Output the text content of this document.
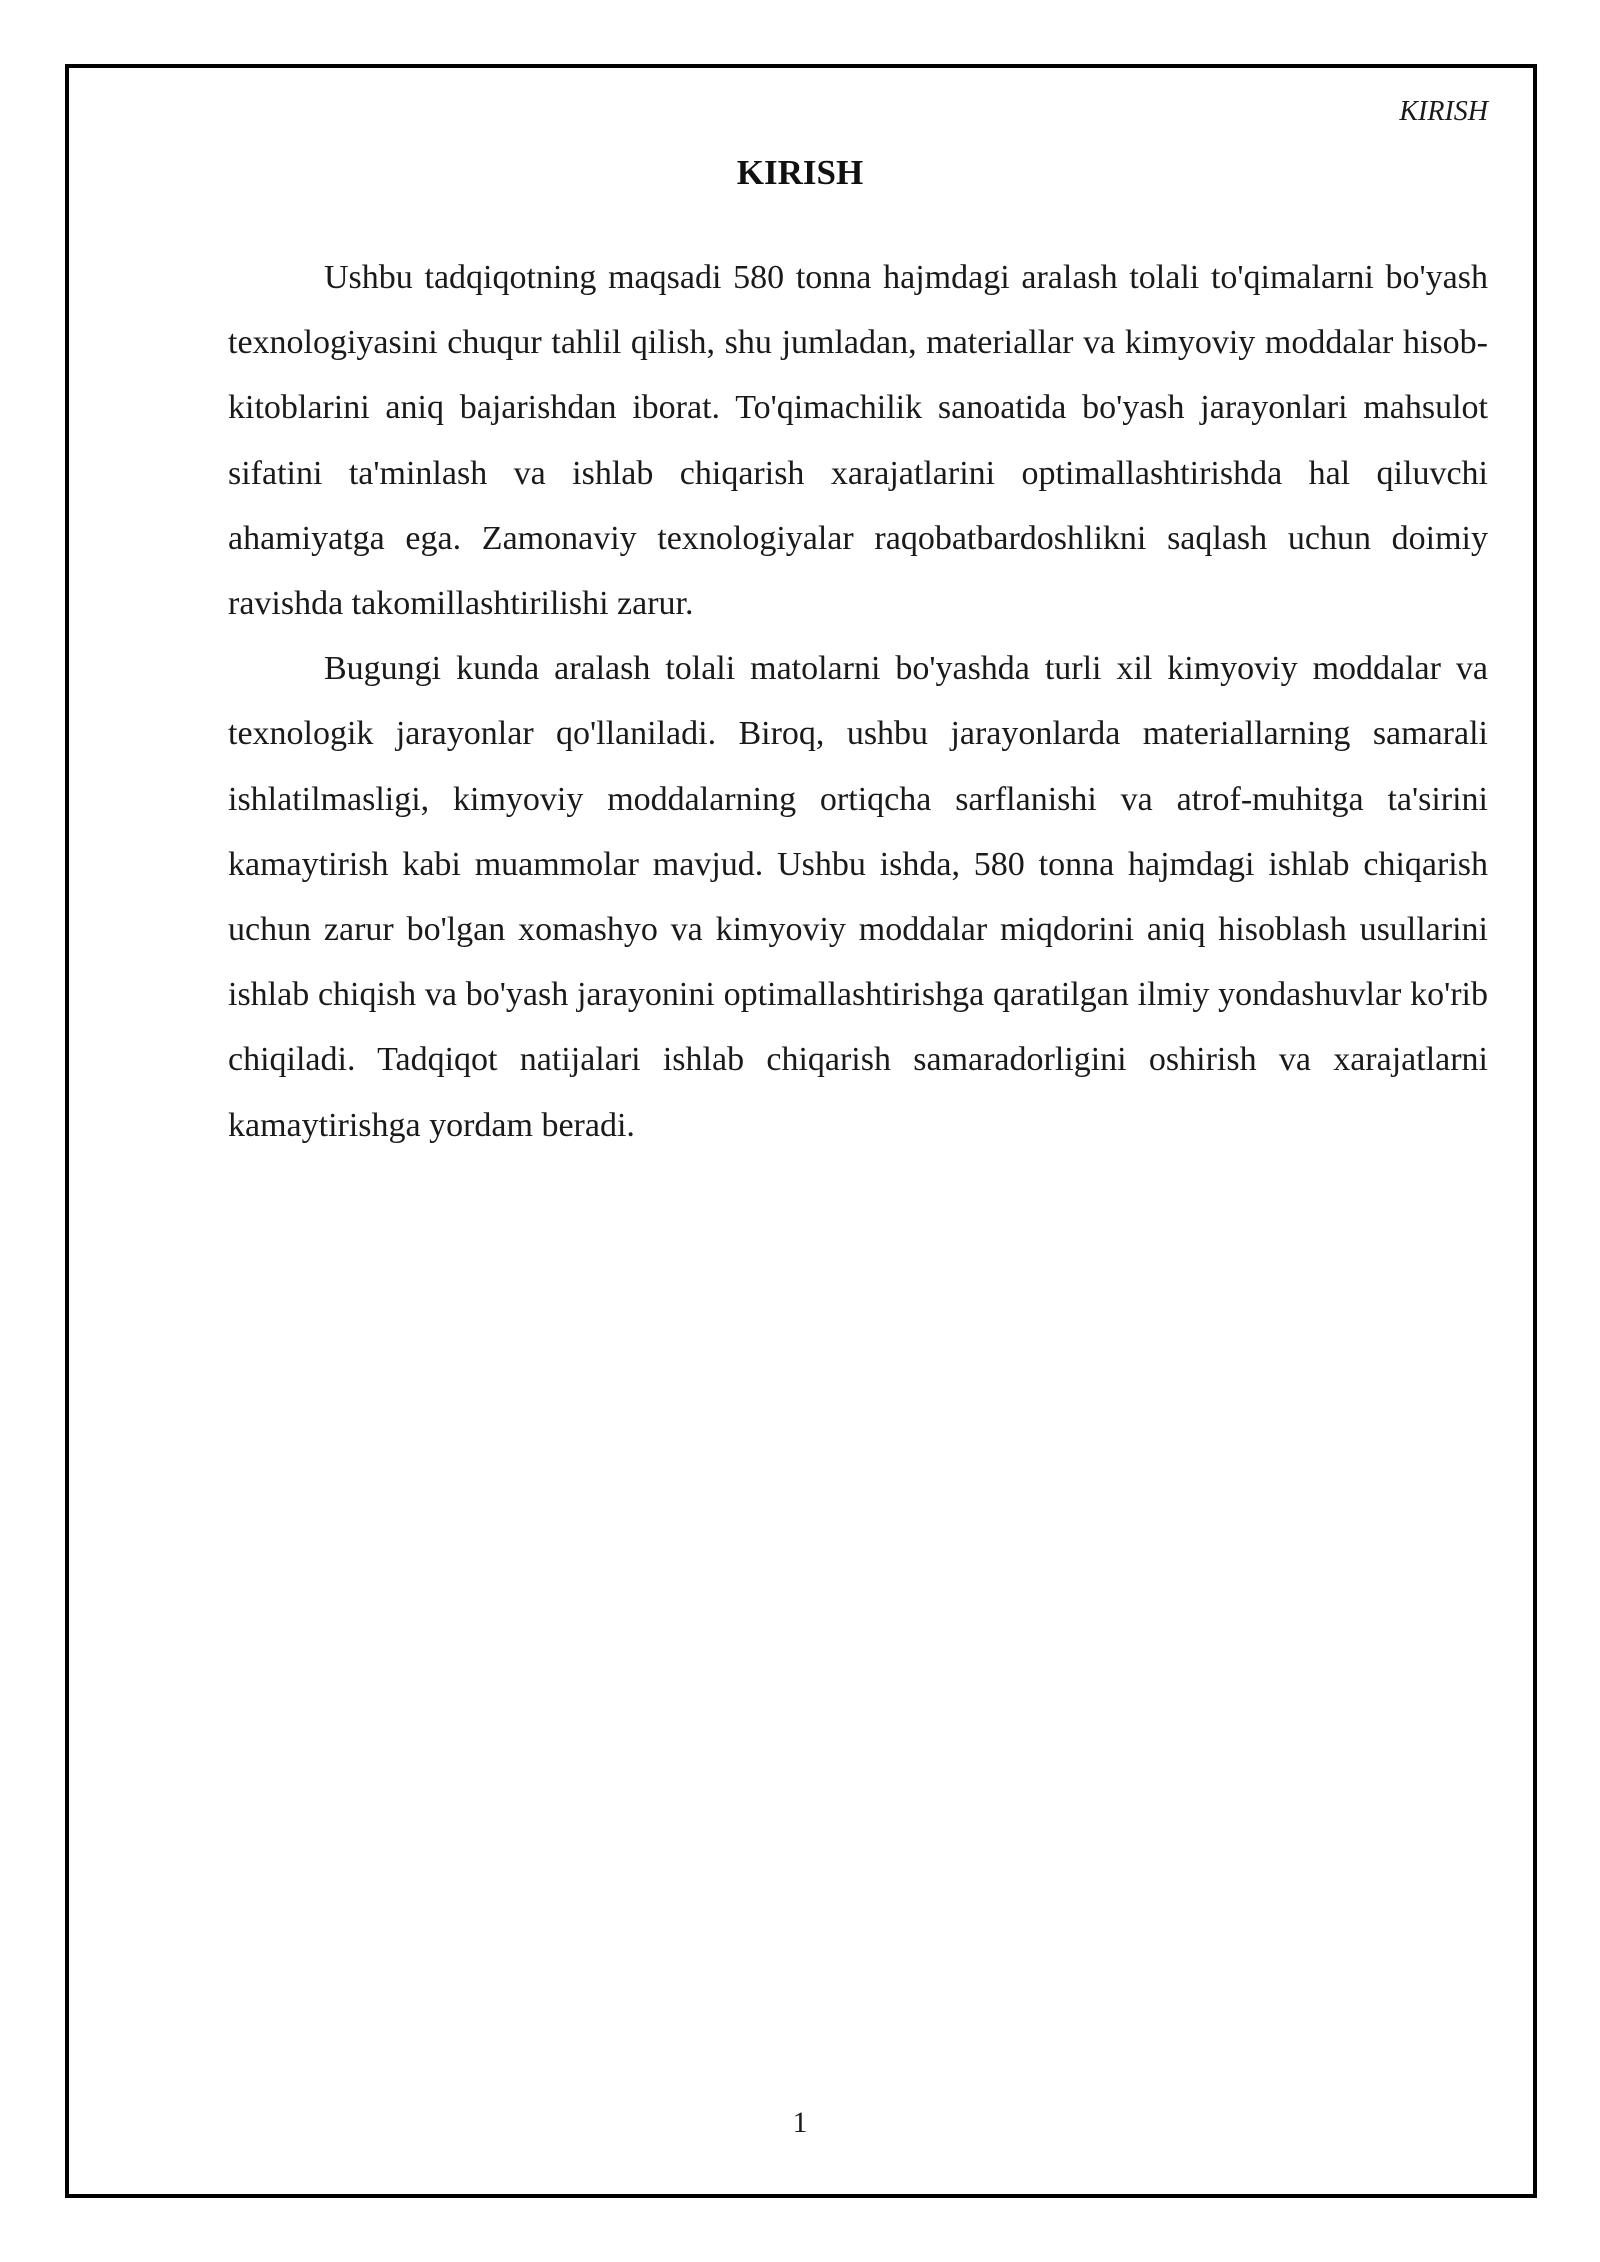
KIRISH
KIRISH

Ushbu tadqiqotning maqsadi 580 tonna hajmdagi aralash tolali to'qimalarni bo'yash texnologiyasini chuqur tahlil qilish, shu jumladan, materiallar va kimyoviy moddalar hisob-kitoblarini aniq bajarishdan iborat. To'qimachilik sanoatida bo'yash jarayonlari mahsulot sifatini ta'minlash va ishlab chiqarish xarajatlarini optimallashtirishda hal qiluvchi ahamiyatga ega. Zamonaviy texnologiyalar raqobatbardoshlikni saqlash uchun doimiy ravishda takomillashtirilishi zarur.

Bugungi kunda aralash tolali matolarni bo'yashda turli xil kimyoviy moddalar va texnologik jarayonlar qo'llaniladi. Biroq, ushbu jarayonlarda materiallarning samarali ishlatilmasligi, kimyoviy moddalarning ortiqcha sarflanishi va atrof-muhitga ta'sirini kamaytirish kabi muammolar mavjud. Ushbu ishda, 580 tonna hajmdagi ishlab chiqarish uchun zarur bo'lgan xomashyo va kimyoviy moddalar miqdorini aniq hisoblash usullarini ishlab chiqish va bo'yash jarayonini optimallashtirishga qaratilgan ilmiy yondashuvlar ko'rib chiqiladi. Tadqiqot natijalari ishlab chiqarish samaradorligini oshirish va xarajatlarni kamaytirishga yordam beradi.

1
